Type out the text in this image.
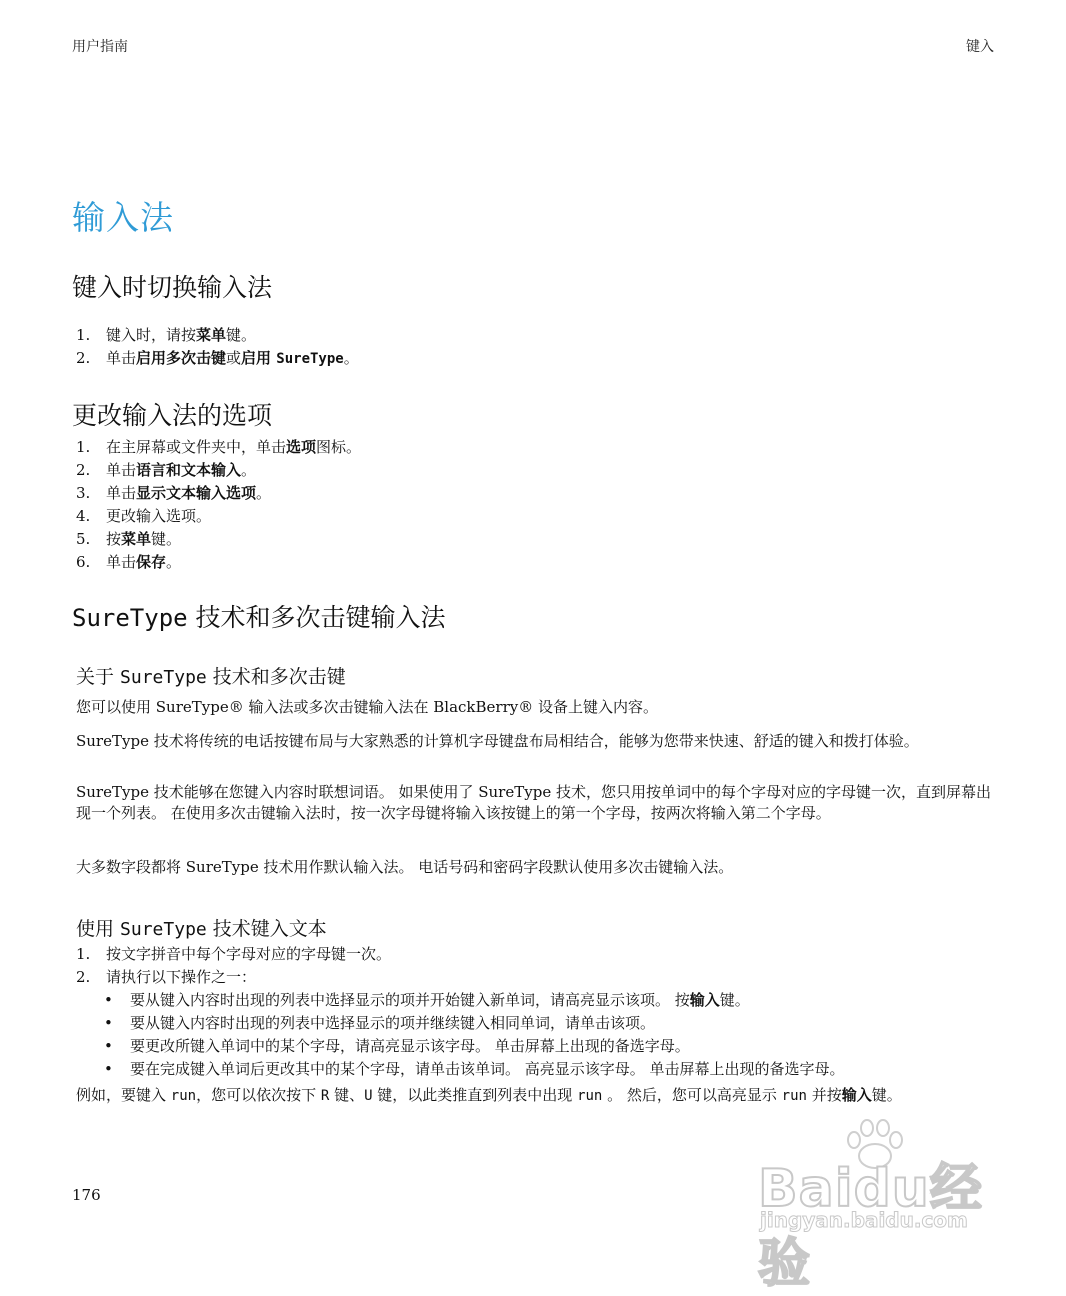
用户指南	键入
输入法
键入时切换输入法
1. 键入时，请按菜单键。
2. 单击启用多次击键或启用 SureType。
更改输入法的选项
1. 在主屏幕或文件夹中，单击选项图标。
2. 单击语言和文本输入。
3. 单击显示文本输入选项。
4. 更改输入选项。
5. 按菜单键。
6. 单击保存。
SureType 技术和多次击键输入法
关于 SureType 技术和多次击键

您可以使用 SureType® 输入法或多次击键输入法在 BlackBerry® 设备上键入内容。

SureType 技术将传统的电话按键布局与大家熟悉的计算机字母键盘布局相结合，能够为您带来快速、舒适的键入和拨打体验。

SureType 技术能够在您键入内容时联想词语。 如果使用了 SureType 技术，您只用按单词中的每个字母对应的字母键一次，直到屏幕出现一个列表。 在使用多次击键输入法时，按一次字母键将输入该按键上的第一个字母，按两次将输入第二个字母。

大多数字段都将 SureType 技术用作默认输入法。 电话号码和密码字段默认使用多次击键输入法。

使用 SureType 技术键入文本
1. 按文字拼音中每个字母对应的字母键一次。
2. 请执行以下操作之一：
• 要从键入内容时出现的列表中选择显示的项并开始键入新单词，请高亮显示该项。 按输入键。
• 要从键入内容时出现的列表中选择显示的项并继续键入相同单词，请单击该项。
• 要更改所键入单词中的某个字母，请高亮显示该字母。 单击屏幕上出现的备选字母。
• 要在完成键入单词后更改其中的某个字母，请单击该单词。 高亮显示该字母。 单击屏幕上出现的备选字母。

例如，要键入 run，您可以依次按下 R 键、U 键，以此类推直到列表中出现 run 。 然后，您可以高亮显示 run 并按输入键。

176	Baidu经验
jingyan.baidu.com
